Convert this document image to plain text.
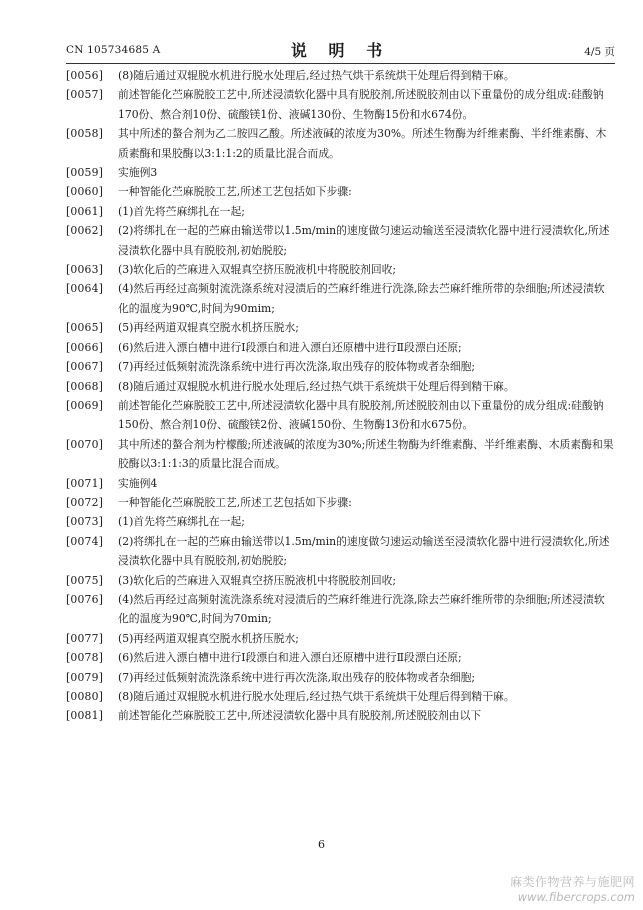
CN 105734685 A	说 明 书	4/5 页
[0056]	(8)随后通过双辊脱水机进行脱水处理后,经过热气烘干系统烘干处理后得到精干麻。
[0057]	前述智能化苎麻脱胶工艺中,所述浸渍软化器中具有脱胶剂,所述脱胶剂由以下重量份的成分组成:硅酸钠170份、熬合剂10份、硫酸镁1份、液碱130份、生物酶15份和水674份。
[0058]	其中所述的螯合剂为乙二胺四乙酸。所述液碱的浓度为30%。所述生物酶为纤维素酶、半纤维素酶、木质素酶和果胶酶以3:1:1:2的质量比混合而成。
[0059]	实施例3
[0060]	一种智能化苎麻脱胶工艺,所述工艺包括如下步骤:
[0061]	(1)首先将苎麻绑扎在一起;
[0062]	(2)将绑扎在一起的苎麻由输送带以1.5m/min的速度做匀速运动输送至浸渍软化器中进行浸渍软化,所述浸渍软化器中具有脱胶剂,初始脱胶;
[0063]	(3)软化后的苎麻进入双辊真空挤压脱液机中将脱胶剂回收;
[0064]	(4)然后再经过高频射流洗涤系统对浸渍后的苎麻纤维进行洗涤,除去苎麻纤维所带的杂细胞;所述浸渍软化的温度为90℃,时间为90mim;
[0065]	(5)再经两道双辊真空脱水机挤压脱水;
[0066]	(6)然后进入漂白槽中进行I段漂白和进入漂白还原槽中进行Ⅱ段漂白还原;
[0067]	(7)再经过低频射流洗涤系统中进行再次洗涤,取出残存的胶体物或者杂细胞;
[0068]	(8)随后通过双辊脱水机进行脱水处理后,经过热气烘干系统烘干处理后得到精干麻。
[0069]	前述智能化苎麻脱胶工艺中,所述浸渍软化器中具有脱胶剂,所述脱胶剂由以下重量份的成分组成:硅酸钠150份、熬合剂10份、硫酸镁2份、液碱150份、生物酶13份和水675份。
[0070]	其中所述的螯合剂为柠檬酸;所述液碱的浓度为30%;所述生物酶为纤维素酶、半纤维素酶、木质素酶和果胶酶以3:1:1:3的质量比混合而成。
[0071]	实施例4
[0072]	一种智能化苎麻脱胶工艺,所述工艺包括如下步骤:
[0073]	(1)首先将苎麻绑扎在一起;
[0074]	(2)将绑扎在一起的苎麻由输送带以1.5m/min的速度做匀速运动输送至浸渍软化器中进行浸渍软化,所述浸渍软化器中具有脱胶剂,初始脱胶;
[0075]	(3)软化后的苎麻进入双辊真空挤压脱液机中将脱胶剂回收;
[0076]	(4)然后再经过高频射流洗涤系统对浸渍后的苎麻纤维进行洗涤,除去苎麻纤维所带的杂细胞;所述浸渍软化的温度为90℃,时间为70min;
[0077]	(5)再经两道双辊真空脱水机挤压脱水;
[0078]	(6)然后进入漂白槽中进行I段漂白和进入漂白还原槽中进行Ⅱ段漂白还原;
[0079]	(7)再经过低频射流洗涤系统中进行再次洗涤,取出残存的胶体物或者杂细胞;
[0080]	(8)随后通过双辊脱水机进行脱水处理后,经过热气烘干系统烘干处理后得到精干麻。
[0081]	前述智能化苎麻脱胶工艺中,所述浸渍软化器中具有脱胶剂,所述脱胶剂由以下
6
麻类作物营养与施肥网
www.fibercrops.com
